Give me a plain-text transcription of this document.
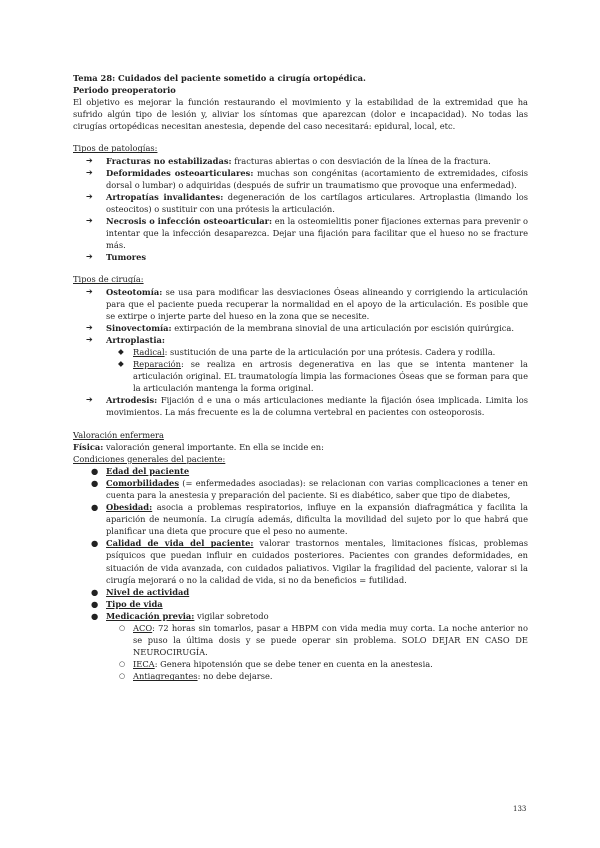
Tema 28: Cuidados del paciente sometido a cirugía ortopédica.

Periodo preoperatorio

El objetivo es mejorar la función restaurando el movimiento y la estabilidad de la extremidad que ha sufrido algún tipo de lesión y, aliviar los síntomas que aparezcan (dolor e incapacidad). No todas las cirugías ortopédicas necesitan anestesia, depende del caso necesitará: epidural, local, etc.

Tipos de patologías:

➔ Fracturas no estabilizadas: fracturas abiertas o con desviación de la línea de la fractura.
➔ Deformidades osteoarticulares: muchas son congénitas (acortamiento de extremidades, cifosis dorsal o lumbar) o adquiridas (después de sufrir un traumatismo que provoque una enfermedad).
➔ Artropatías invalidantes: degeneración de los cartílagos articulares. Artroplastia (limando los osteocitos) o sustituir con una prótesis la articulación.
➔ Necrosis o infección osteoarticular: en la osteomielitis poner fijaciones externas para prevenir o intentar que la infección desaparezca. Dejar una fijación para facilitar que el hueso no se fracture más.
➔ Tumores

Tipos de cirugía:

➔ Osteotomía: se usa para modificar las desviaciones Óseas alineando y corrigiendo la articulación para que el paciente pueda recuperar la normalidad en el apoyo de la articulación. Es posible que se extirpe o injerte parte del hueso en la zona que se necesite.
➔ Sinovectomía: extirpación de la membrana sinovial de una articulación por escisión quirúrgica.
➔ Artroplastia:
◆ Radical: sustitución de una parte de la articulación por una prótesis. Cadera y rodilla.
◆ Reparación: se realiza en artrosis degenerativa en las que se intenta mantener la articulación original. EL traumatología limpia las formaciones Óseas que se forman para que la articulación mantenga la forma original.
➔ Artrodesis: Fijación d e una o más articulaciones mediante la fijación ósea implicada. Limita los movimientos. La más frecuente es la de columna vertebral en pacientes con osteoporosis.

Valoración enfermera

Física: valoración general importante. En ella se incide en:

Condiciones generales del paciente:

● Edad del paciente
● Comorbilidades (= enfermedades asociadas): se relacionan con varias complicaciones a tener en cuenta para la anestesia y preparación del paciente. Si es diabético, saber que tipo de diabetes,
● Obesidad: asocia a problemas respiratorios, influye en la expansión diafragmática y facilita la aparición de neumonía. La cirugía además, dificulta la movilidad del sujeto por lo que habrá que planificar una dieta que procure que el peso no aumente.
● Calidad de vida del paciente: valorar trastornos mentales, limitaciones físicas, problemas psíquicos que puedan influir en cuidados posteriores. Pacientes con grandes deformidades, en situación de vida avanzada, con cuidados paliativos. Vigilar la fragilidad del paciente, valorar si la cirugía mejorará o no la calidad de vida, si no da beneficios = futilidad.
● Nivel de actividad
● Tipo de vida
● Medicación previa: vigilar sobretodo
○ ACO: 72 horas sin tomarlos, pasar a HBPM con vida media muy corta. La noche anterior no se puso la última dosis y se puede operar sin problema. SOLO DEJAR EN CASO DE NEUROCIRUGÍA.
○ IECA: Genera hipotensión que se debe tener en cuenta en la anestesia.
○ Antiagregantes: no debe dejarse.
133
